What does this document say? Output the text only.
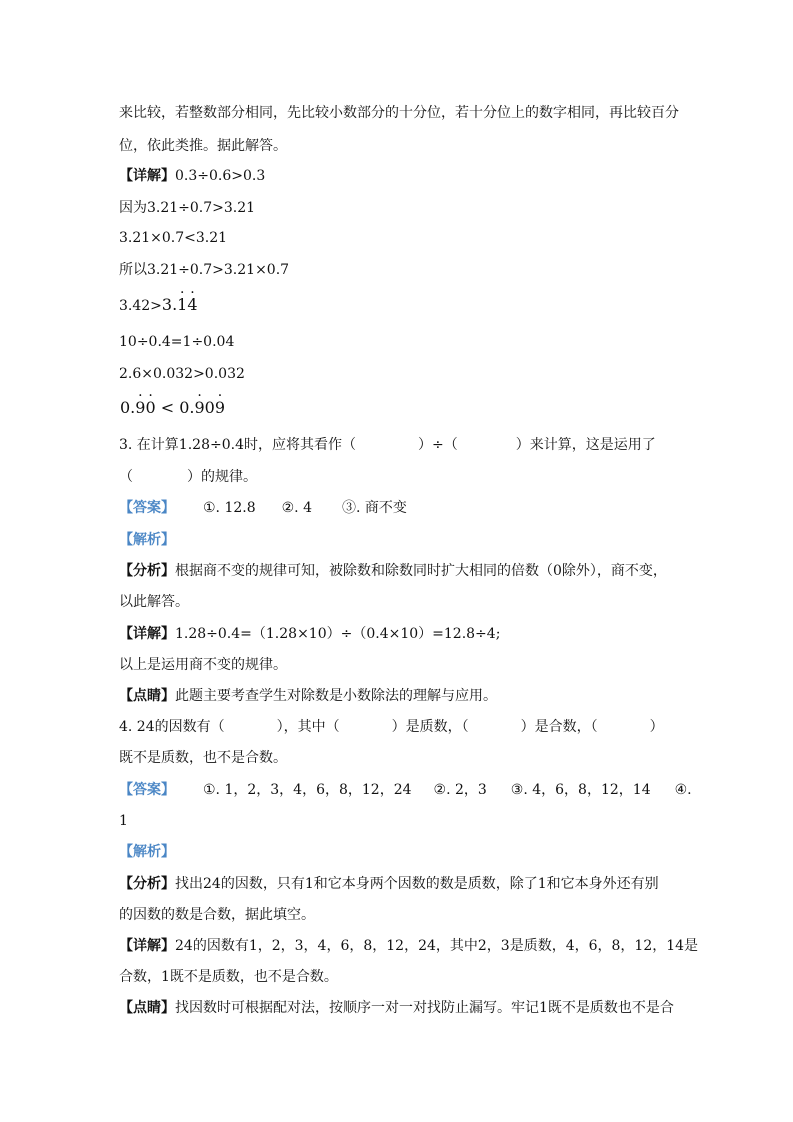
来比较，若整数部分相同，先比较小数部分的十分位，若十分位上的数字相同，再比较百分
位，依此类推。据此解答。
【详解】0.3÷0.6>0.3
因为3.21÷0.7>3.21
3.21×0.7<3.21
所以3.21÷0.7>3.21×0.7
3.42>3.· 1· 4
10÷0.4=1÷0.04
2.6×0.032>0.032
0.· 9· 0 < 0.· 90· 9
3. 在计算1.28÷0.4时，应将其看作（	）÷（	）来计算，这是运用了
（	）的规律。
【答案】 ①. 12.8 ②. 4 ③. 商不变
【解析】
【分析】根据商不变的规律可知，被除数和除数同时扩大相同的倍数（0除外），商不变，
以此解答。
【详解】1.28÷0.4=（1.28×10）÷（0.4×10）=12.8÷4;
以上是运用商不变的规律。
【点睛】此题主要考查学生对除数是小数除法的理解与应用。
4. 24的因数有（	），其中（	）是质数，（	）是合数，（	）
既不是质数，也不是合数。
【答案】 ①. 1，2，3，4，6，8，12，24 ②. 2，3 ③. 4，6，8，12，14 ④.
1
【解析】
【分析】找出24的因数，只有1和它本身两个因数的数是质数，除了1和它本身外还有别
的因数的数是合数，据此填空。
【详解】24的因数有1，2，3，4，6，8，12，24，其中2，3是质数，4，6，8，12，14是
合数，1既不是质数，也不是合数。
【点睛】找因数时可根据配对法，按顺序一对一对找防止漏写。牢记1既不是质数也不是合
